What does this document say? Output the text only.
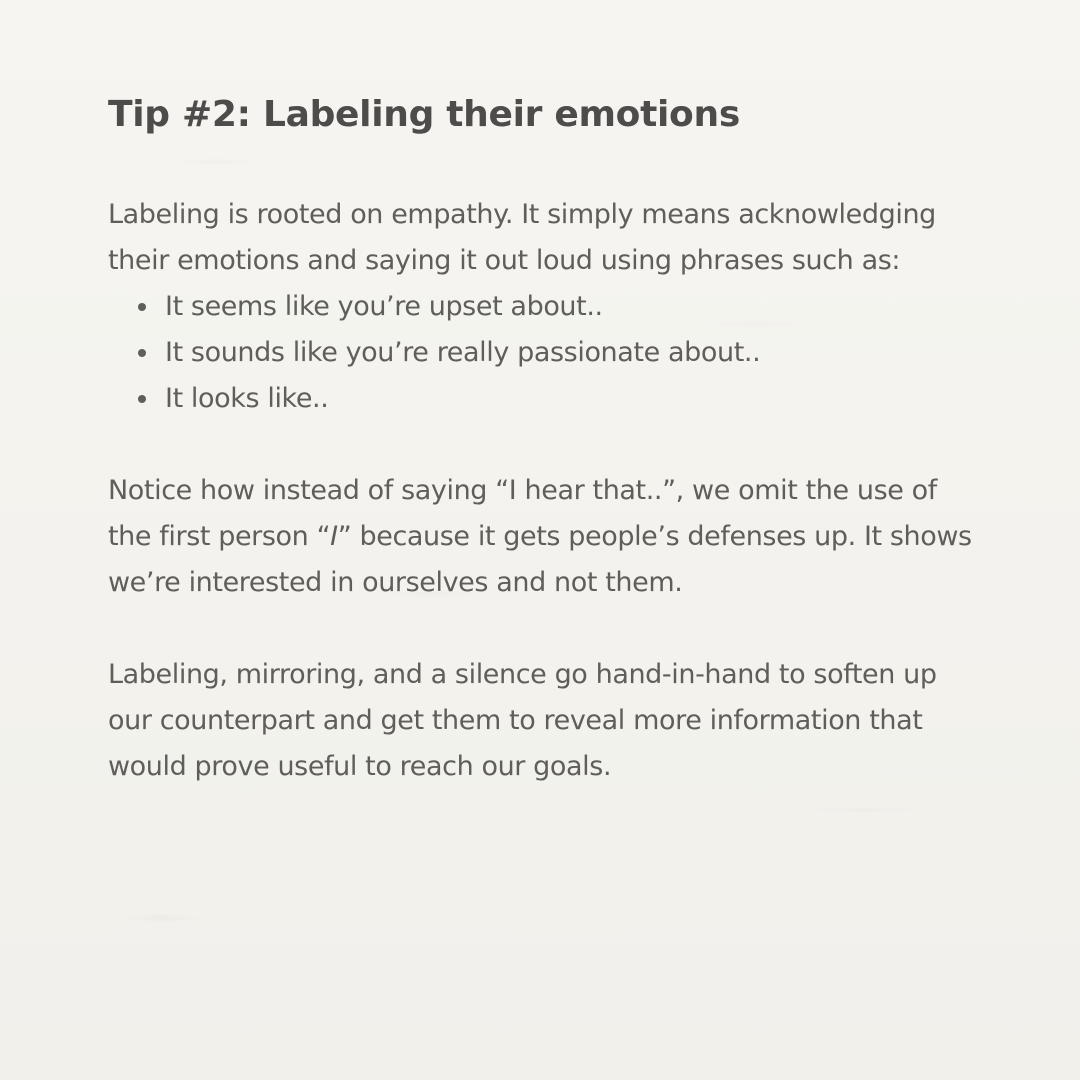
Tip #2: Labeling their emotions
Labeling is rooted on empathy. It simply means acknowledging
their emotions and saying it out loud using phrases such as:
It seems like you’re upset about..
It sounds like you’re really passionate about..
It looks like..
Notice how instead of saying “I hear that..”, we omit the use of
the first person “I” because it gets people’s defenses up. It shows
we’re interested in ourselves and not them.
Labeling, mirroring, and a silence go hand-in-hand to soften up
our counterpart and get them to reveal more information that
would prove useful to reach our goals.
